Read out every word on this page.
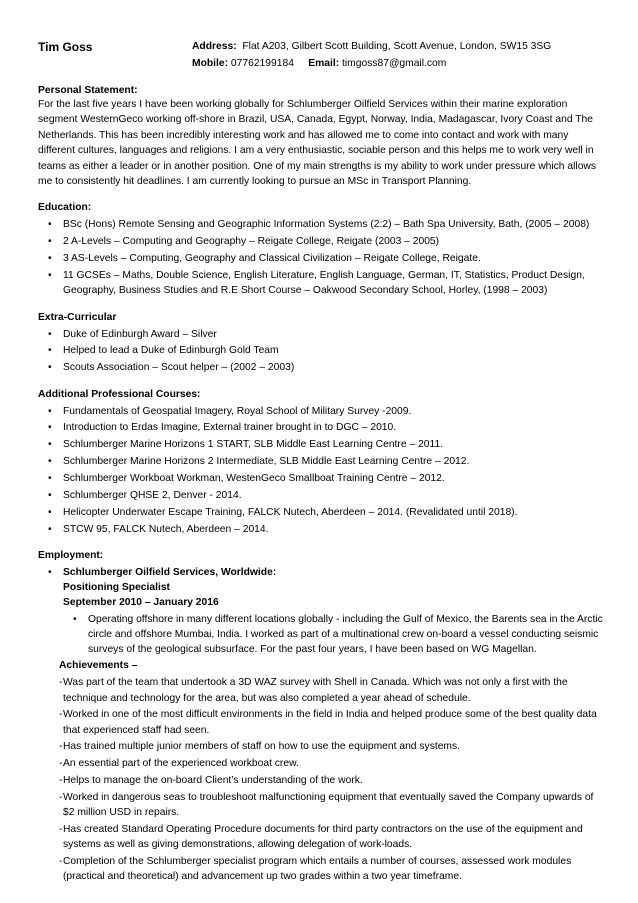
Tim Goss	Address: Flat A203, Gilbert Scott Building, Scott Avenue, London, SW15 3SG
Mobile: 07762199184 Email: timgoss87@gmail.com
Personal Statement:

For the last five years I have been working globally for Schlumberger Oilfield Services within their marine exploration segment WesternGeco working off-shore in Brazil, USA, Canada, Egypt, Norway, India, Madagascar, Ivory Coast and The Netherlands. This has been incredibly interesting work and has allowed me to come into contact and work with many different cultures, languages and religions. I am a very enthusiastic, sociable person and this helps me to work very well in teams as either a leader or in another position. One of my main strengths is my ability to work under pressure which allows me to consistently hit deadlines. I am currently looking to pursue an MSc in Transport Planning.

Education:
• BSc (Hons) Remote Sensing and Geographic Information Systems (2:2) – Bath Spa University, Bath, (2005 – 2008)
• 2 A-Levels – Computing and Geography – Reigate College, Reigate (2003 – 2005)
• 3 AS-Levels – Computing, Geography and Classical Civilization – Reigate College, Reigate.
• 11 GCSEs – Maths, Double Science, English Literature, English Language, German, IT, Statistics, Product Design, Geography, Business Studies and R.E Short Course – Oakwood Secondary School, Horley, (1998 – 2003)
Extra-Curricular
• Duke of Edinburgh Award – Silver
• Helped to lead a Duke of Edinburgh Gold Team
• Scouts Association – Scout helper – (2002 – 2003)
Additional Professional Courses:
• Fundamentals of Geospatial Imagery, Royal School of Military Survey -2009.
• Introduction to Erdas Imagine, External trainer brought in to DGC – 2010.
• Schlumberger Marine Horizons 1 START, SLB Middle East Learning Centre – 2011.
• Schlumberger Marine Horizons 2 Intermediate, SLB Middle East Learning Centre – 2012.
• Schlumberger Workboat Workman, WestenGeco Smallboat Training Centre – 2012.
• Schlumberger QHSE 2, Denver - 2014.
• Helicopter Underwater Escape Training, FALCK Nutech, Aberdeen – 2014. (Revalidated until 2018).
• STCW 95, FALCK Nutech, Aberdeen – 2014.
Employment:
• Schlumberger Oilfield Services, Worldwide:
Positioning Specialist
September 2010 – January 2016
• Operating offshore in many different locations globally - including the Gulf of Mexico, the Barents sea in the Arctic circle and offshore Mumbai, India. I worked as part of a multinational crew on-board a vessel conducting seismic surveys of the geological subsurface. For the past four years, I have been based on WG Magellan.
Achievements –
- Was part of the team that undertook a 3D WAZ survey with Shell in Canada. Which was not only a first with the technique and technology for the area, but was also completed a year ahead of schedule.
- Worked in one of the most difficult environments in the field in India and helped produce some of the best quality data that experienced staff had seen.
- Has trained multiple junior members of staff on how to use the equipment and systems.
- An essential part of the experienced workboat crew.
- Helps to manage the on-board Client’s understanding of the work.
- Worked in dangerous seas to troubleshoot malfunctioning equipment that eventually saved the Company upwards of $2 million USD in repairs.
- Has created Standard Operating Procedure documents for third party contractors on the use of the equipment and systems as well as giving demonstrations, allowing delegation of work-loads.
- Completion of the Schlumberger specialist program which entails a number of courses, assessed work modules (practical and theoretical) and advancement up two grades within a two year timeframe.
